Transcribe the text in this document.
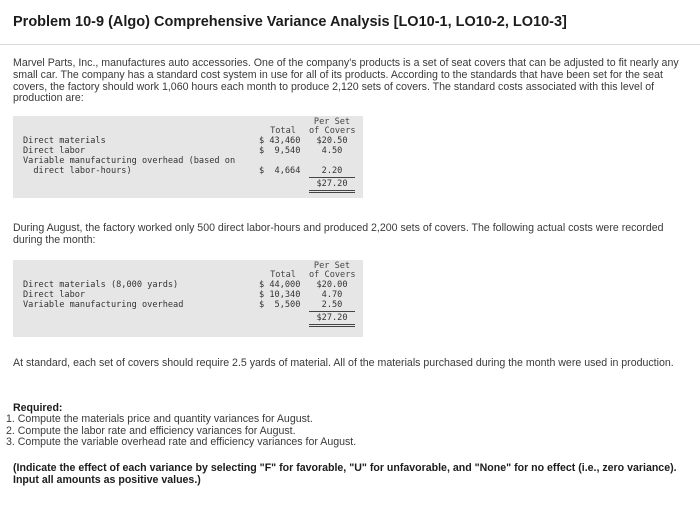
Problem 10-9 (Algo) Comprehensive Variance Analysis [LO10-1, LO10-2, LO10-3]
Marvel Parts, Inc., manufactures auto accessories. One of the company's products is a set of seat covers that can be adjusted to fit nearly any small car. The company has a standard cost system in use for all of its products. According to the standards that have been set for the seat covers, the factory should work 1,060 hours each month to produce 2,120 sets of covers. The standard costs associated with this level of production are:
Per Set
Total	of Covers
Direct materials	$ 43,460	$20.50
Direct labor	$  9,540	4.50
Variable manufacturing overhead (based on
direct labor-hours)	$  4,664	2.20
$27.20
During August, the factory worked only 500 direct labor-hours and produced 2,200 sets of covers. The following actual costs were recorded during the month:
Per Set
Total	of Covers
Direct materials (8,000 yards)	$ 44,000	$20.00
Direct labor	$ 10,340	4.70
Variable manufacturing overhead	$  5,500	2.50
$27.20
At standard, each set of covers should require 2.5 yards of material. All of the materials purchased during the month were used in production.
Required:
1. Compute the materials price and quantity variances for August.
2. Compute the labor rate and efficiency variances for August.
3. Compute the variable overhead rate and efficiency variances for August.
(Indicate the effect of each variance by selecting "F" for favorable, "U" for unfavorable, and "None" for no effect (i.e., zero variance). Input all amounts as positive values.)
